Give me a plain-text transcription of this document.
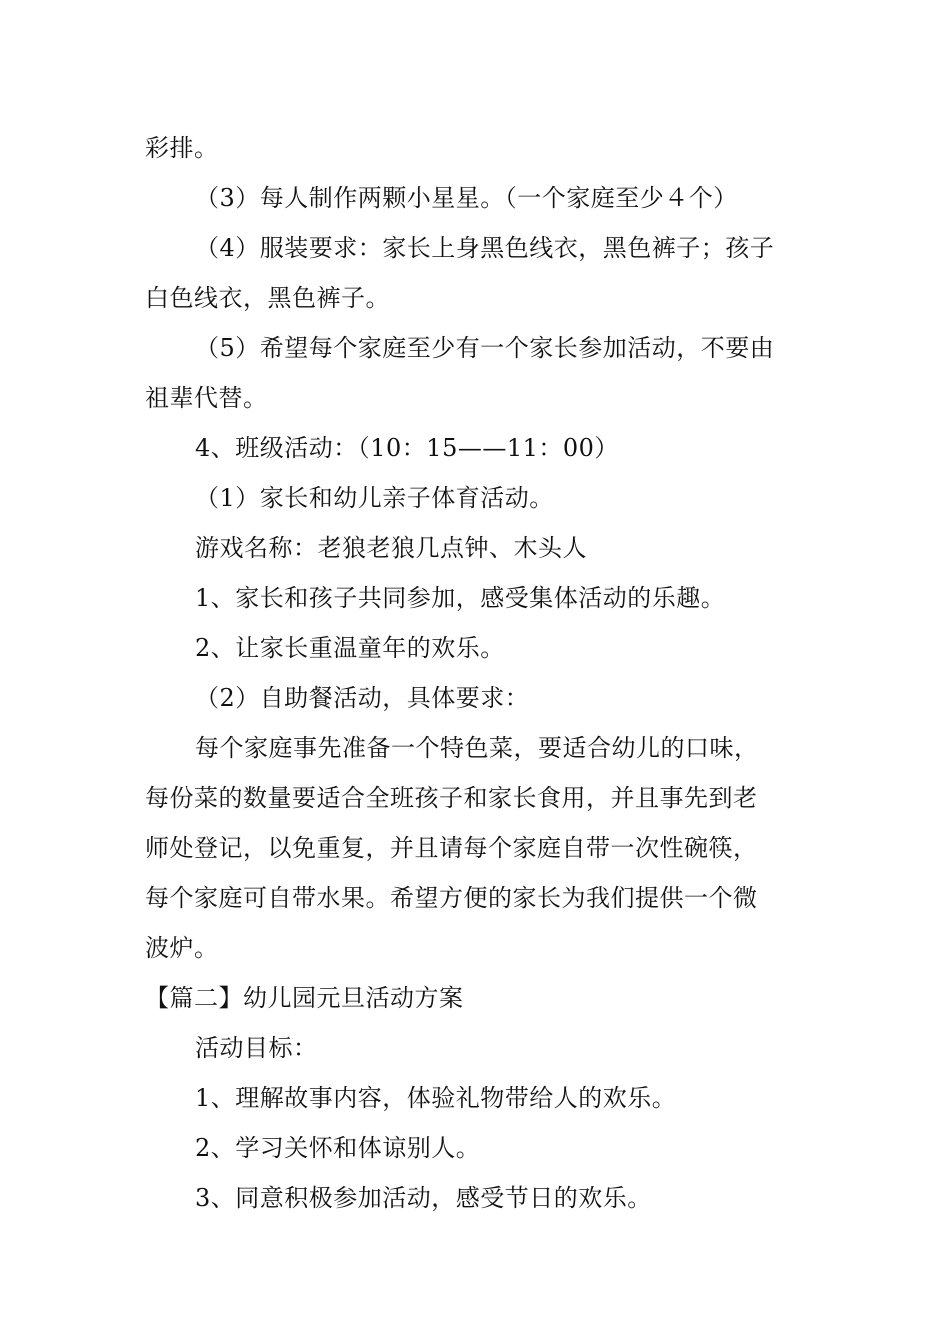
彩排。
（3）每人制作两颗小星星。（一个家庭至少４个）
（4）服装要求：家长上身黑色线衣，黑色裤子；孩子
白色线衣，黑色裤子。
（5）希望每个家庭至少有一个家长参加活动，不要由
祖辈代替。
4、班级活动：（10：15——11：00）
（1）家长和幼儿亲子体育活动。
游戏名称：老狼老狼几点钟、木头人
1、家长和孩子共同参加，感受集体活动的乐趣。
2、让家长重温童年的欢乐。
（2）自助餐活动，具体要求：
每个家庭事先准备一个特色菜，要适合幼儿的口味，
每份菜的数量要适合全班孩子和家长食用，并且事先到老
师处登记，以免重复，并且请每个家庭自带一次性碗筷，
每个家庭可自带水果。希望方便的家长为我们提供一个微
波炉。
【篇二】幼儿园元旦活动方案
活动目标：
1、理解故事内容，体验礼物带给人的欢乐。
2、学习关怀和体谅别人。
3、同意积极参加活动，感受节日的欢乐。
